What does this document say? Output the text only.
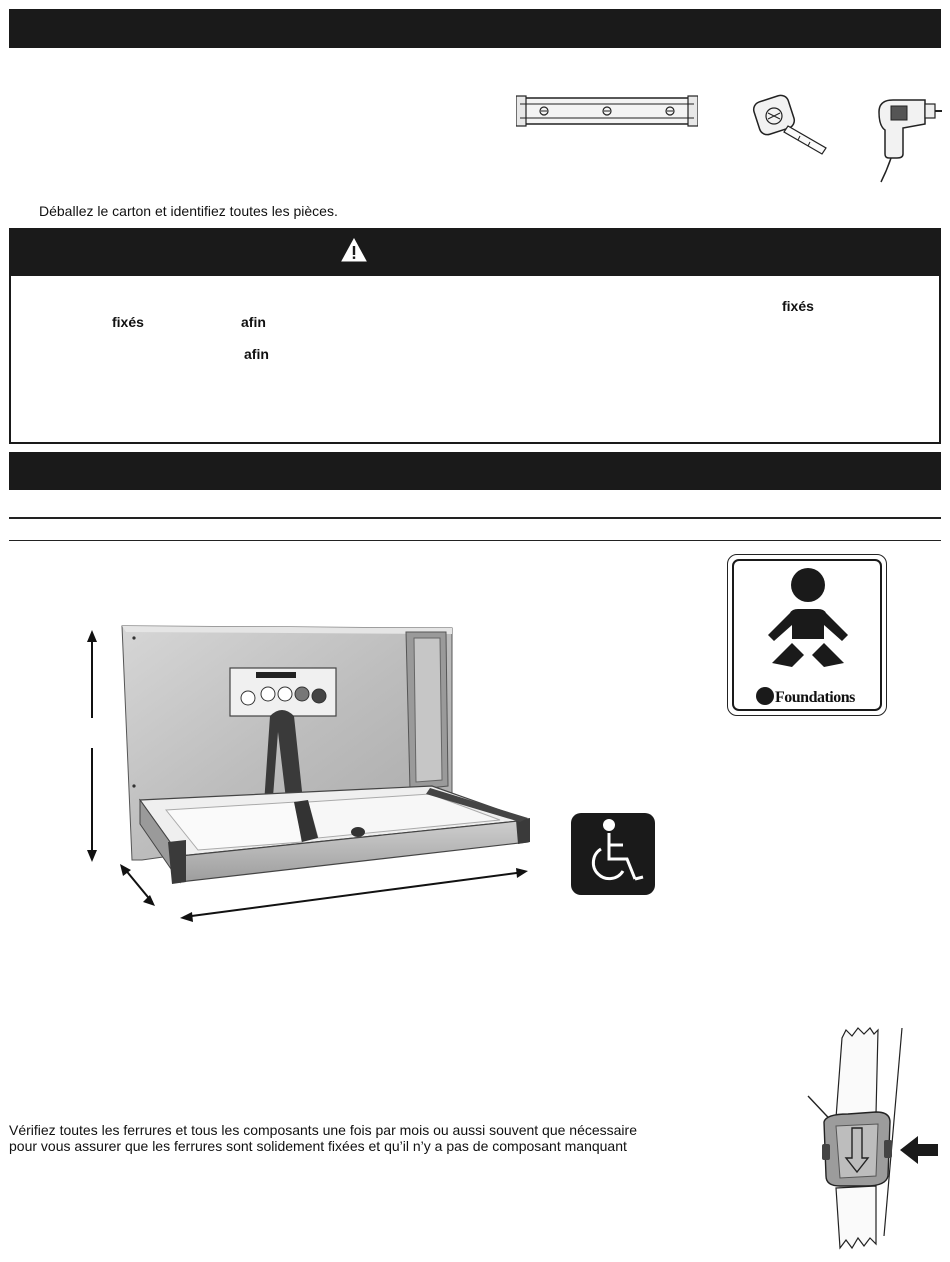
Déballez le carton et identifiez toutes les pièces.
fixés
fixés	afin
afin
Foundations
Vérifiez toutes les ferrures et tous les composants une fois par mois ou aussi souvent que nécessaire
pour vous assurer que les ferrures sont solidement fixées et qu’il n’y a pas de composant manquant
